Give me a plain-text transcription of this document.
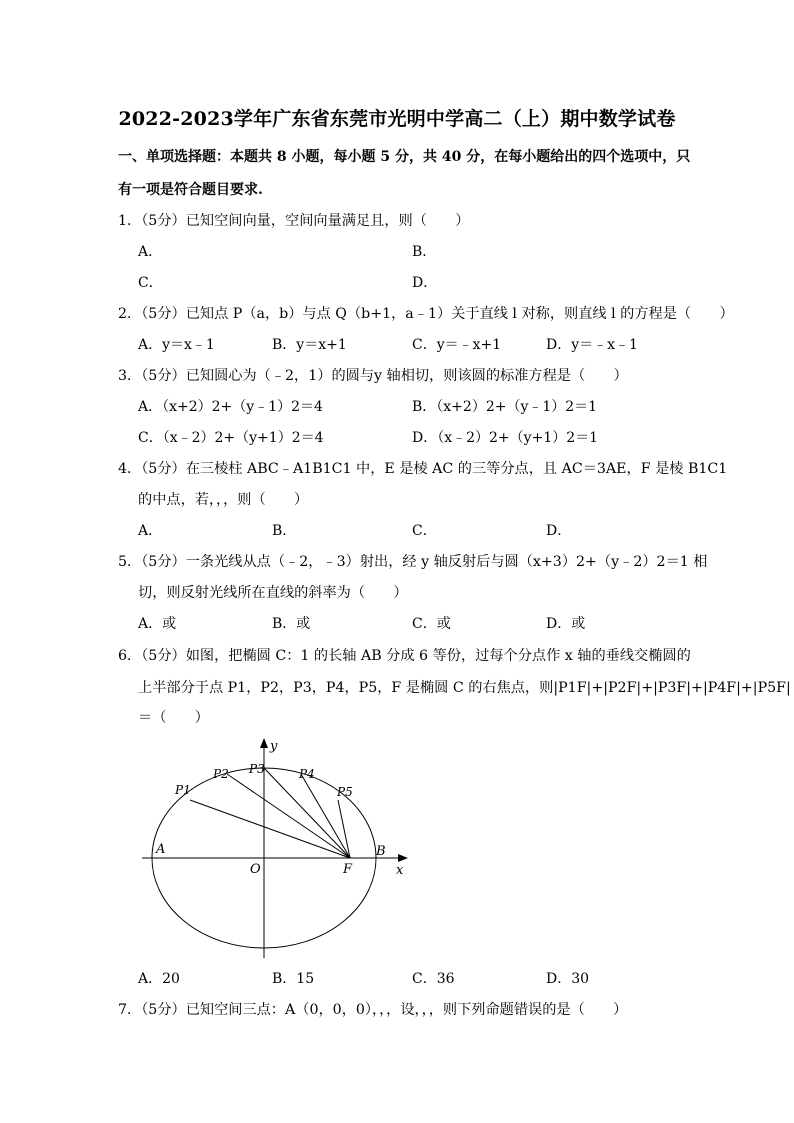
2022-2023学年广东省东莞市光明中学高二（上）期中数学试卷
一、单项选择题：本题共 8 小题，每小题 5 分，共 40 分，在每小题给出的四个选项中，只
有一项是符合题目要求.
1．（5分）已知空间向量，空间向量满足且，则（　　）
A．	B．
C．	D．
2．（5分）已知点 P（a，b）与点 Q（b+1，a﹣1）关于直线 l 对称，则直线 l 的方程是（　　）
A．y＝x﹣1	B．y＝x+1	C．y＝﹣x+1	D．y＝﹣x﹣1
3．（5分）已知圆心为（﹣2，1）的圆与y 轴相切，则该圆的标准方程是（　　）
A．（x+2）2+（y﹣1）2＝4	B．（x+2）2+（y﹣1）2＝1
C．（x﹣2）2+（y+1）2＝4	D．（x﹣2）2+（y+1）2＝1
4．（5分）在三棱柱 ABC﹣A1B1C1 中，E 是棱 AC 的三等分点，且 AC＝3AE，F 是棱 B1C1
的中点，若，，，则（　　）
A．	B．	C．	D．
5．（5分）一条光线从点（﹣2，﹣3）射出，经 y 轴反射后与圆（x+3）2+（y﹣2）2＝1 相
切，则反射光线所在直线的斜率为（　　）
A．或	B．或	C．或	D．或
6．（5分）如图，把椭圆 C：1 的长轴 AB 分成 6 等份，过每个分点作 x 轴的垂线交椭圆的
上半部分于点 P1，P2，P3，P4，P5，F 是椭圆 C 的右焦点，则|P1F|+|P2F|+|P3F|+|P4F|+|P5F|
＝（　　）
y
x
O
A	B
F
P1
P2 P3	P4
P5
A．20	B．15	C．36	D．30
7．（5分）已知空间三点：A（0，0，0），，，设，，，则下列命题错误的是（　　）
